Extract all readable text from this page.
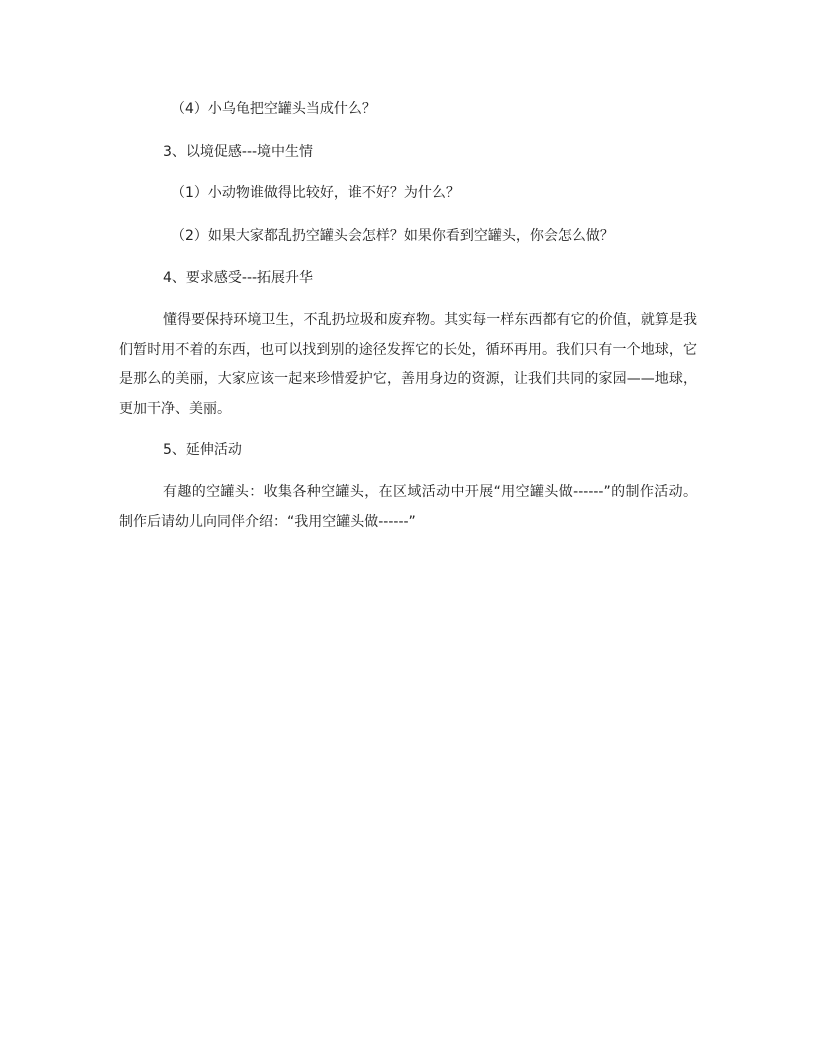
（4）小乌龟把空罐头当成什么？
3、以境促感---境中生情
（1）小动物谁做得比较好，谁不好？为什么？
（2）如果大家都乱扔空罐头会怎样？如果你看到空罐头，你会怎么做？
4、要求感受---拓展升华
懂得要保持环境卫生，不乱扔垃圾和废弃物。其实每一样东西都有它的价值，就算是我们暂时用不着的东西，也可以找到别的途径发挥它的长处，循环再用。我们只有一个地球，它是那么的美丽，大家应该一起来珍惜爱护它，善用身边的资源，让我们共同的家园——地球，更加干净、美丽。
5、延伸活动
有趣的空罐头：收集各种空罐头，在区域活动中开展“用空罐头做------”的制作活动。制作后请幼儿向同伴介绍：“我用空罐头做------”
